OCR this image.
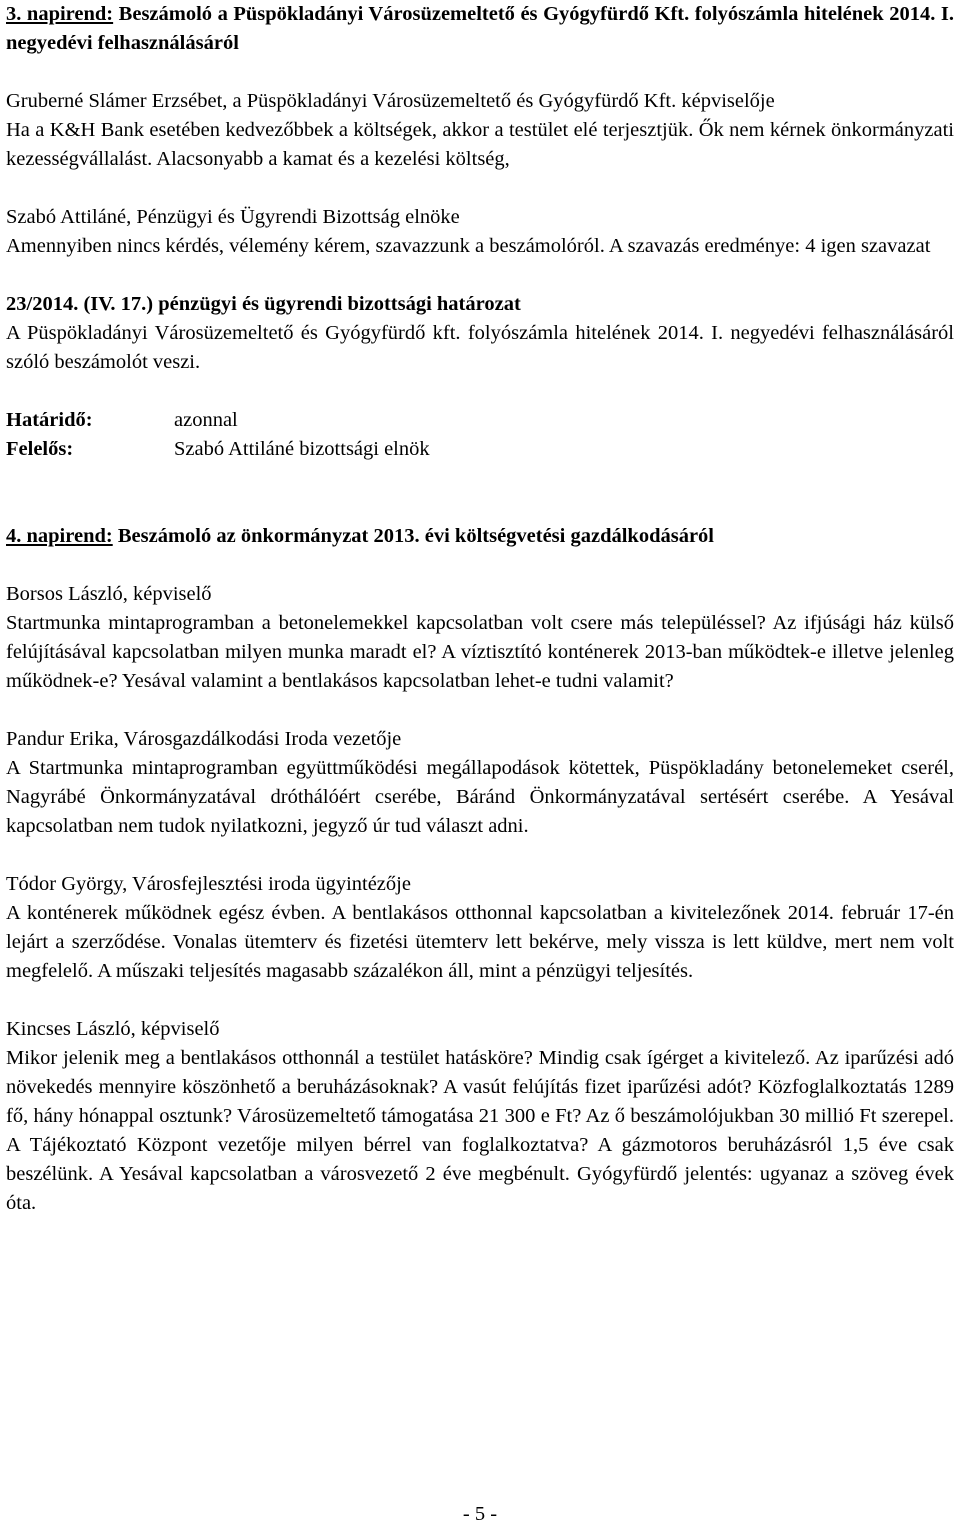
3. napirend: Beszámoló a Püspökladányi Városüzemeltető és Gyógyfürdő Kft. folyószámla hitelének 2014. I. negyedévi felhasználásáról

Gruberné Slámer Erzsébet, a Püspökladányi Városüzemeltető és Gyógyfürdő Kft. képviselője

Ha a K&H Bank esetében kedvezőbbek a költségek, akkor a testület elé terjesztjük. Ők nem kérnek önkormányzati kezességvállalást. Alacsonyabb a kamat és a kezelési költség,

Szabó Attiláné, Pénzügyi és Ügyrendi Bizottság elnöke

Amennyiben nincs kérdés, vélemény kérem, szavazzunk a beszámolóról. A szavazás eredménye: 4 igen szavazat

23/2014. (IV. 17.) pénzügyi és ügyrendi bizottsági határozat

A Püspökladányi Városüzemeltető és Gyógyfürdő kft. folyószámla hitelének 2014. I. negyedévi felhasználásáról szóló beszámolót veszi.

Határidő:	azonnal
Felelős:	Szabó Attiláné bizottsági elnök

4. napirend: Beszámoló az önkormányzat 2013. évi költségvetési gazdálkodásáról

Borsos László, képviselő

Startmunka mintaprogramban a betonelemekkel kapcsolatban volt csere más településsel? Az ifjúsági ház külső felújításával kapcsolatban milyen munka maradt el? A víztisztító konténerek 2013-ban működtek-e illetve jelenleg működnek-e? Yesával valamint a bentlakásos kapcsolatban lehet-e tudni valamit?

Pandur Erika, Városgazdálkodási Iroda vezetője

A Startmunka mintaprogramban együttműködési megállapodások kötettek, Püspökladány betonelemeket cserél, Nagyrábé Önkormányzatával dróthálóért cserébe, Báránd Önkormányzatával sertésért cserébe. A Yesával kapcsolatban nem tudok nyilatkozni, jegyző úr tud választ adni.

Tódor György, Városfejlesztési iroda ügyintézője

A konténerek működnek egész évben. A bentlakásos otthonnal kapcsolatban a kivitelezőnek 2014. február 17-én lejárt a szerződése. Vonalas ütemterv és fizetési ütemterv lett bekérve, mely vissza is lett küldve, mert nem volt megfelelő. A műszaki teljesítés magasabb százalékon áll, mint a pénzügyi teljesítés.

Kincses László, képviselő

Mikor jelenik meg a bentlakásos otthonnál a testület hatásköre? Mindig csak ígérget a kivitelező. Az iparűzési adó növekedés mennyire köszönhető a beruházásoknak? A vasút felújítás fizet iparűzési adót? Közfoglalkoztatás 1289 fő, hány hónappal osztunk? Városüzemeltető támogatása 21 300 e Ft? Az ő beszámolójukban 30 millió Ft szerepel. A Tájékoztató Központ vezetője milyen bérrel van foglalkoztatva? A gázmotoros beruházásról 1,5 éve csak beszélünk. A Yesával kapcsolatban a városvezető 2 éve megbénult. Gyógyfürdő jelentés: ugyanaz a szöveg évek óta.

- 5 -
